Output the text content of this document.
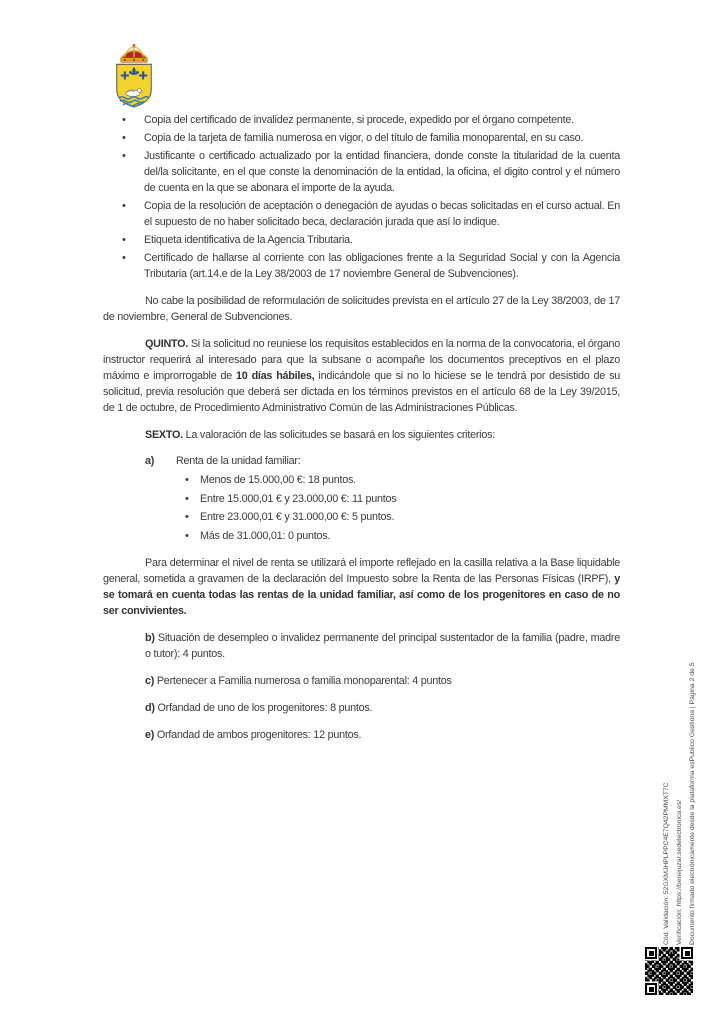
•	Copia del certificado de invalidez permanente, si procede, expedido por el órgano competente.
•	Copia de la tarjeta de familia numerosa en vigor, o del título de familia monoparental, en su caso.
•	Justificante o certificado actualizado por la entidad financiera, donde conste la titularidad de la cuenta del/la solicitante, en el que conste la denominación de la entidad, la oficina, el digito control y el número de cuenta en la que se abonara el importe de la ayuda.
•	Copia de la resolución de aceptación o denegación de ayudas o becas solicitadas en el curso actual. En el supuesto de no haber solicitado beca, declaración jurada que así lo indique.
•	Etiqueta identificativa de la Agencia Tributaria.
•	Certificado de hallarse al corriente con las obligaciones frente a la Seguridad Social y con la Agencia Tributaria (art.14.e de la Ley 38/2003 de 17 noviembre General de Subvenciones).

No cabe la posibilidad de reformulación de solicitudes prevista en el artículo 27 de la Ley 38/2003, de 17 de noviembre, General de Subvenciones.

QUINTO. Si la solicitud no reuniese los requisitos establecidos en la norma de la convocatoria, el órgano instructor requerirá al interesado para que la subsane o acompañe los documentos preceptivos en el plazo máximo e improrrogable de 10 días hábiles, indicándole que si no lo hiciese se le tendrá por desistido de su solicitud, previa resolución que deberá ser dictada en los términos previstos en el artículo 68 de la Ley 39/2015, de 1 de octubre, de Procedimiento Administrativo Común de las Administraciones Públicas.

SEXTO. La valoración de las solicitudes se basará en los siguientes criterios:

a)	Renta de la unidad familiar:
•	Menos de 15.000,00 €: 18 puntos.
•	Entre 15.000,01 € y 23.000,00 €: 11 puntos
•	Entre 23.000,01 € y 31.000,00 €: 5 puntos.
•	Más de 31.000,01: 0 puntos.

Para determinar el nivel de renta se utilizará el importe reflejado en la casilla relativa a la Base liquidable general, sometida a gravamen de la declaración del Impuesto sobre la Renta de las Personas Físicas (IRPF), y se tomará en cuenta todas las rentas de la unidad familiar, así como de los progenitores en caso de no ser convivientes.

b) Situación de desempleo o invalidez permanente del principal sustentador de la familia (padre, madre o tutor): 4 puntos.

c) Pertenecer a Familia numerosa o familia monoparental: 4 puntos

d) Orfandad de uno de los progenitores: 8 puntos.

e) Orfandad de ambos progenitores: 12 puntos.

Cód. Validación: 52GXMJHPLPPC4E7Q42PMMXT7C Verificación: https://benejuzar.sedelectronica.es/ Documento firmado electrónicamente desde la plataforma esPublico Gestiona | Página 2 de 5
